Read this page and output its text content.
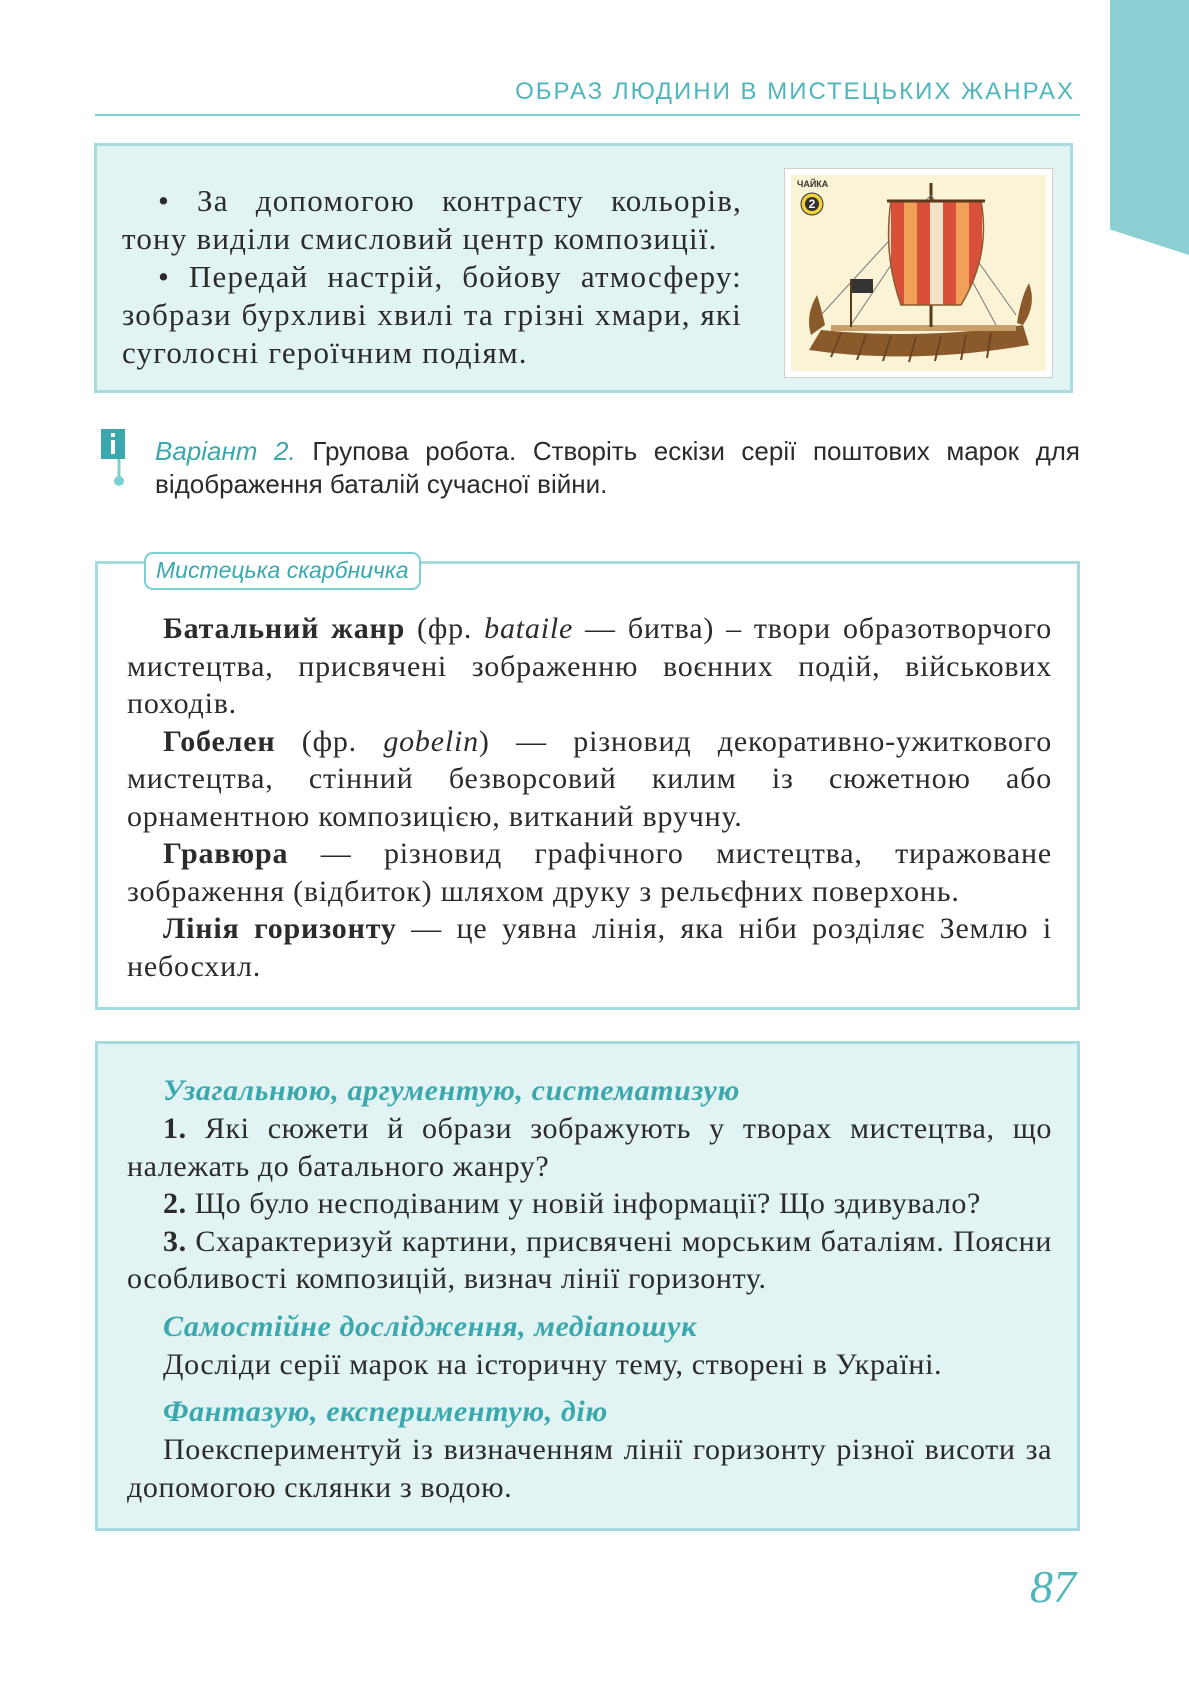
ОБРАЗ ЛЮДИНИ В МИСТЕЦЬКИХ ЖАНРАХ

• За допомогою контрасту кольорів, тону виділи смисловий центр композиції.

• Передай настрій, бойову атмосферу: зобрази бурхливі хвилі та грізні хмари, які суголосні героїчним подіям.

ЧАЙКА
2
Варіант 2. Групова робота. Створіть ескізи серії поштових марок для відображення баталій сучасної війни.
Мистецька скарбничка

Батальний жанр (фр. bataile — битва) – твори образотворчого мистецтва, присвячені зображенню воєнних подій, військових походів.

Гобелен (фр. gobelin) — різновид декоративно-ужиткового мистецтва, стінний безворсовий килим із сюжетною або орнаментною композицією, витканий вручну.

Гравюра — різновид графічного мистецтва, тиражоване зображення (відбиток) шляхом друку з рельєфних поверхонь.

Лінія горизонту — це уявна лінія, яка ніби розділяє Землю і небосхил.

Узагальнюю, аргументую, систематизую

1. Які сюжети й образи зображують у творах мистецтва, що належать до батального жанру?

2. Що було несподіваним у новій інформації? Що здивувало?

3. Схарактеризуй картини, присвячені морським баталіям. Поясни особливості композицій, визнач лінії горизонту.

Самостійне дослідження, медіапошук

Досліди серії марок на історичну тему, створені в Україні.

Фантазую, експериментую, дію

Поекспериментуй із визначенням лінії горизонту різної висоти за допомогою склянки з водою.

87
